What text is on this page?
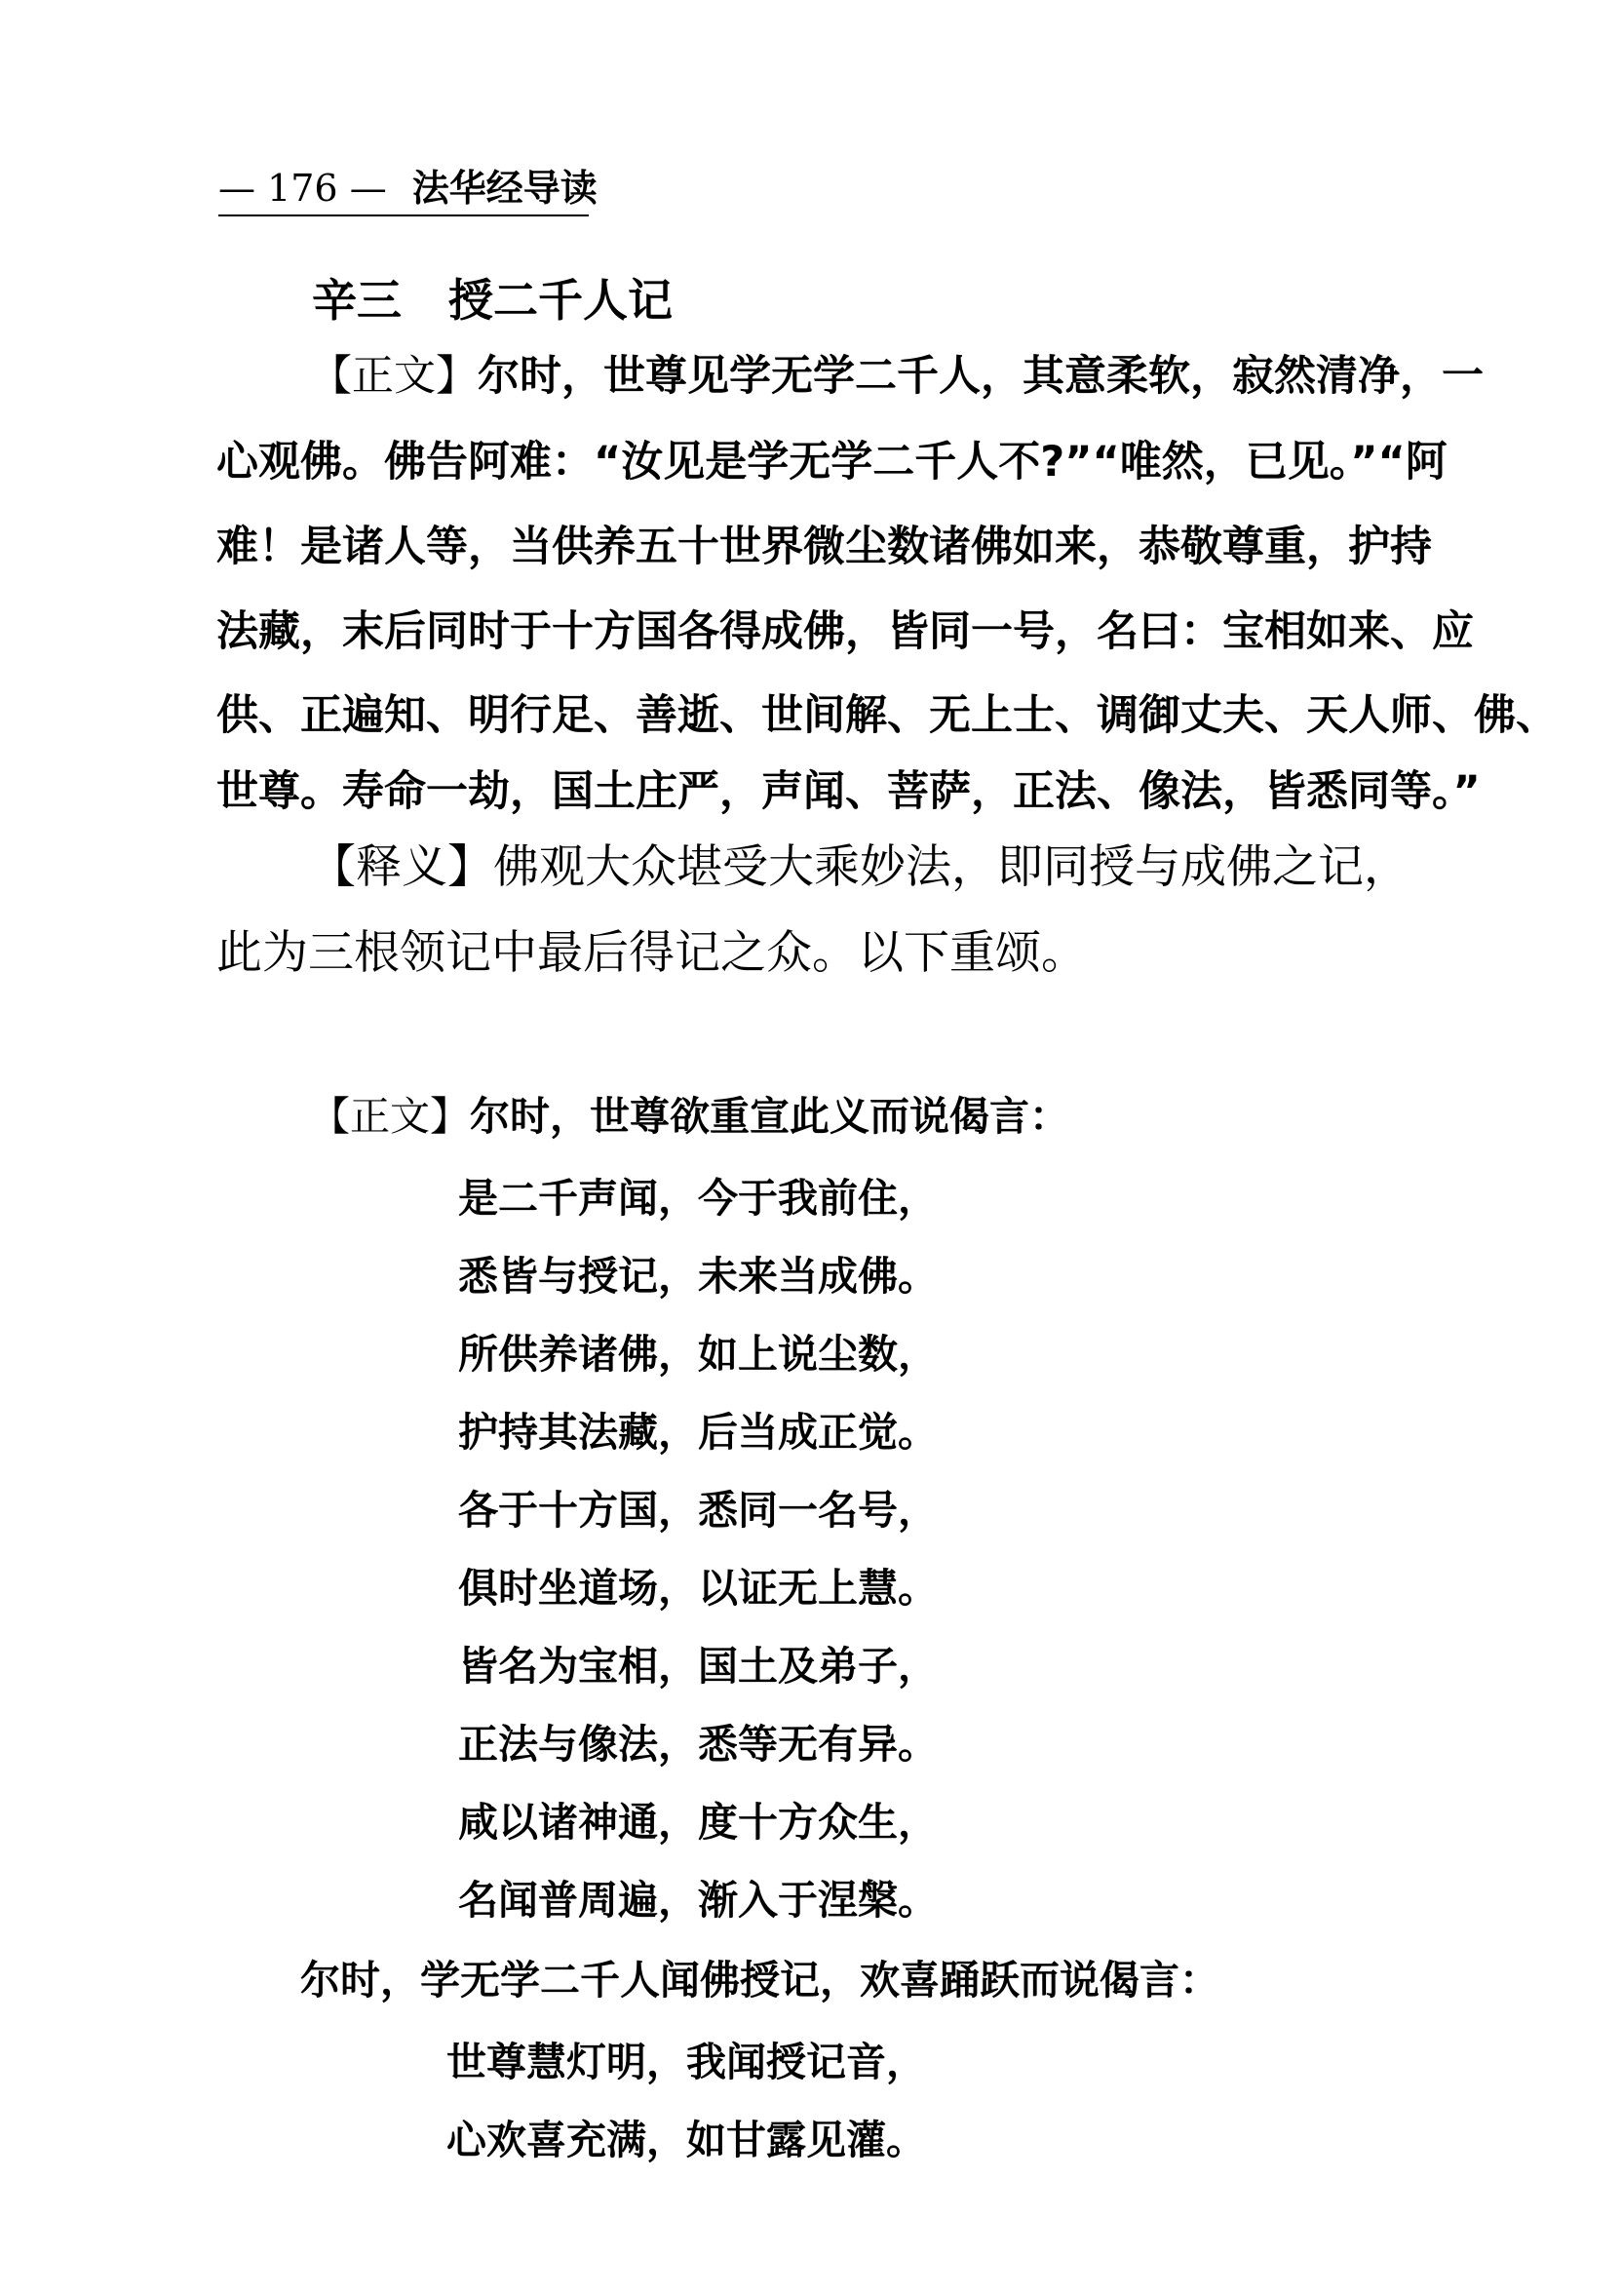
— 176 — 法华经导读
辛三 授二千人记
【正文】尔时，世尊见学无学二千人，其意柔软，寂然清净，一
心观佛。佛告阿难：“汝见是学无学二千人不?”“唯然，已见。”“阿
难！是诸人等，当供养五十世界微尘数诸佛如来，恭敬尊重，护持
法藏，末后同时于十方国各得成佛，皆同一号，名曰：宝相如来、应
供、正遍知、明行足、善逝、世间解、无上士、调御丈夫、天人师、佛、
世尊。寿命一劫，国土庄严，声闻、菩萨，正法、像法，皆悉同等。”
【释义】佛观大众堪受大乘妙法，即同授与成佛之记，
此为三根领记中最后得记之众。以下重颂。
【正文】尔时，世尊欲重宣此义而说偈言：
是二千声闻，今于我前住，
悉皆与授记，未来当成佛。
所供养诸佛，如上说尘数，
护持其法藏，后当成正觉。
各于十方国，悉同一名号，
俱时坐道场，以证无上慧。
皆名为宝相，国土及弟子，
正法与像法，悉等无有异。
咸以诸神通，度十方众生，
名闻普周遍，渐入于涅槃。
尔时，学无学二千人闻佛授记，欢喜踊跃而说偈言：
世尊慧灯明，我闻授记音，
心欢喜充满，如甘露见灌。
